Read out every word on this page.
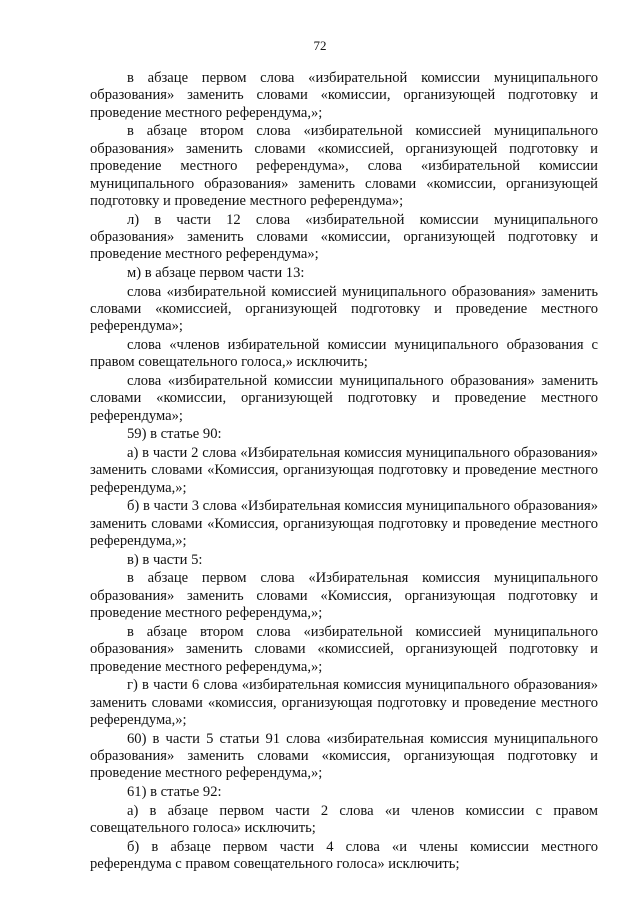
72

в абзаце первом слова «избирательной комиссии муниципального образования» заменить словами «комиссии, организующей подготовку и проведение местного референдума,»;

в абзаце втором слова «избирательной комиссией муниципального образования» заменить словами «комиссией, организующей подготовку и проведение местного референдума», слова «избирательной комиссии муниципального образования» заменить словами «комиссии, организующей подготовку и проведение местного референдума»;

л) в части 12 слова «избирательной комиссии муниципального образования» заменить словами «комиссии, организующей подготовку и проведение местного референдума»;

м) в абзаце первом части 13:

слова «избирательной комиссией муниципального образования» заменить словами «комиссией, организующей подготовку и проведение местного референдума»;

слова «членов избирательной комиссии муниципального образования с правом совещательного голоса,» исключить;

слова «избирательной комиссии муниципального образования» заменить словами «комиссии, организующей подготовку и проведение местного референдума»;

59) в статье 90:

а) в части 2 слова «Избирательная комиссия муниципального образования» заменить словами «Комиссия, организующая подготовку и проведение местного референдума,»;

б) в части 3 слова «Избирательная комиссия муниципального образования» заменить словами «Комиссия, организующая подготовку и проведение местного референдума,»;

в) в части 5:

в абзаце первом слова «Избирательная комиссия муниципального образования» заменить словами «Комиссия, организующая подготовку и проведение местного референдума,»;

в абзаце втором слова «избирательной комиссией муниципального образования» заменить словами «комиссией, организующей подготовку и проведение местного референдума,»;

г) в части 6 слова «избирательная комиссия муниципального образования» заменить словами «комиссия, организующая подготовку и проведение местного референдума,»;

60) в части 5 статьи 91 слова «избирательная комиссия муниципального образования» заменить словами «комиссия, организующая подготовку и проведение местного референдума,»;

61) в статье 92:

а) в абзаце первом части 2 слова «и членов комиссии с правом совещательного голоса» исключить;

б) в абзаце первом части 4 слова «и члены комиссии местного референдума с правом совещательного голоса» исключить;
